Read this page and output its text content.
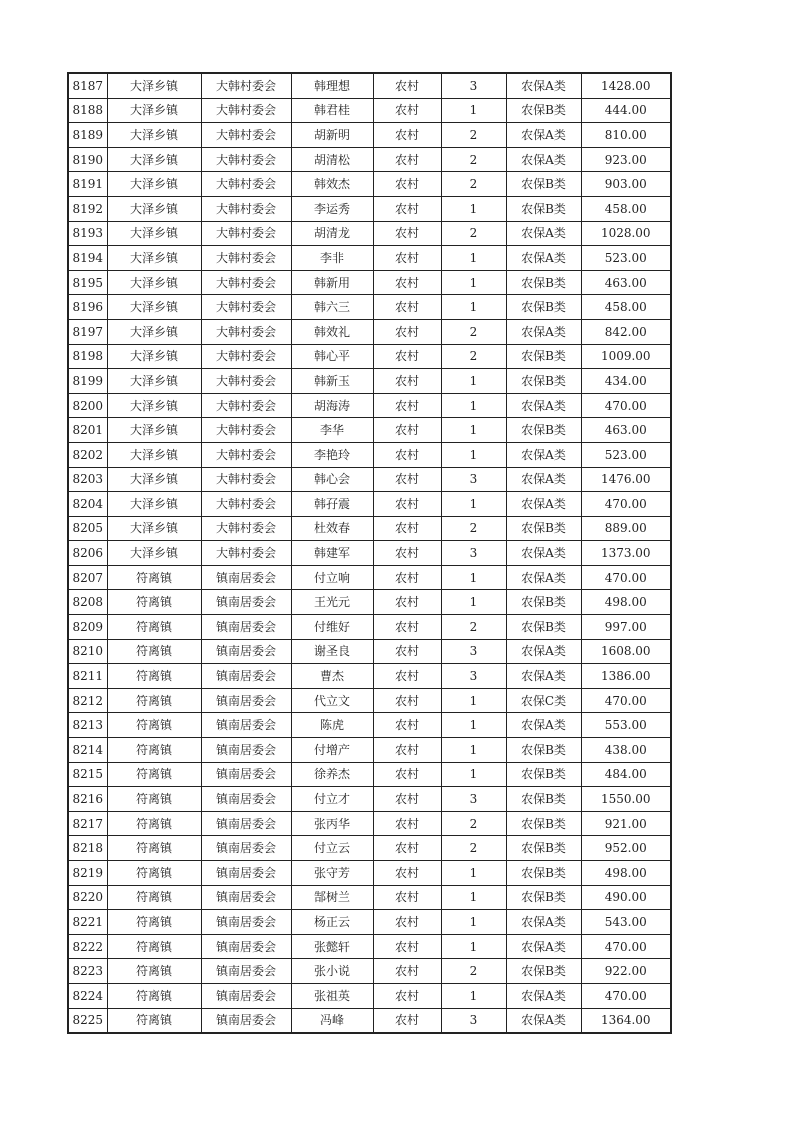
8187	大泽乡镇	大韩村委会	韩理想	农村	3	农保A类	1428.00
8188	大泽乡镇	大韩村委会	韩君桂	农村	1	农保B类	444.00
8189	大泽乡镇	大韩村委会	胡新明	农村	2	农保A类	810.00
8190	大泽乡镇	大韩村委会	胡清松	农村	2	农保A类	923.00
8191	大泽乡镇	大韩村委会	韩效杰	农村	2	农保B类	903.00
8192	大泽乡镇	大韩村委会	李运秀	农村	1	农保B类	458.00
8193	大泽乡镇	大韩村委会	胡清龙	农村	2	农保A类	1028.00
8194	大泽乡镇	大韩村委会	李非	农村	1	农保A类	523.00
8195	大泽乡镇	大韩村委会	韩新用	农村	1	农保B类	463.00
8196	大泽乡镇	大韩村委会	韩六三	农村	1	农保B类	458.00
8197	大泽乡镇	大韩村委会	韩效礼	农村	2	农保A类	842.00
8198	大泽乡镇	大韩村委会	韩心平	农村	2	农保B类	1009.00
8199	大泽乡镇	大韩村委会	韩新玉	农村	1	农保B类	434.00
8200	大泽乡镇	大韩村委会	胡海涛	农村	1	农保A类	470.00
8201	大泽乡镇	大韩村委会	李华	农村	1	农保B类	463.00
8202	大泽乡镇	大韩村委会	李艳玲	农村	1	农保A类	523.00
8203	大泽乡镇	大韩村委会	韩心会	农村	3	农保A类	1476.00
8204	大泽乡镇	大韩村委会	韩孖震	农村	1	农保A类	470.00
8205	大泽乡镇	大韩村委会	杜效春	农村	2	农保B类	889.00
8206	大泽乡镇	大韩村委会	韩建军	农村	3	农保A类	1373.00
8207	符离镇	镇南居委会	付立响	农村	1	农保A类	470.00
8208	符离镇	镇南居委会	王光元	农村	1	农保B类	498.00
8209	符离镇	镇南居委会	付维好	农村	2	农保B类	997.00
8210	符离镇	镇南居委会	谢圣良	农村	3	农保A类	1608.00
8211	符离镇	镇南居委会	曹杰	农村	3	农保A类	1386.00
8212	符离镇	镇南居委会	代立文	农村	1	农保C类	470.00
8213	符离镇	镇南居委会	陈虎	农村	1	农保A类	553.00
8214	符离镇	镇南居委会	付增产	农村	1	农保B类	438.00
8215	符离镇	镇南居委会	徐养杰	农村	1	农保B类	484.00
8216	符离镇	镇南居委会	付立才	农村	3	农保B类	1550.00
8217	符离镇	镇南居委会	张丙华	农村	2	农保B类	921.00
8218	符离镇	镇南居委会	付立云	农村	2	农保B类	952.00
8219	符离镇	镇南居委会	张守芳	农村	1	农保B类	498.00
8220	符离镇	镇南居委会	郜树兰	农村	1	农保B类	490.00
8221	符离镇	镇南居委会	杨正云	农村	1	农保A类	543.00
8222	符离镇	镇南居委会	张懿轩	农村	1	农保A类	470.00
8223	符离镇	镇南居委会	张小说	农村	2	农保B类	922.00
8224	符离镇	镇南居委会	张祖英	农村	1	农保A类	470.00
8225	符离镇	镇南居委会	冯峰	农村	3	农保A类	1364.00
